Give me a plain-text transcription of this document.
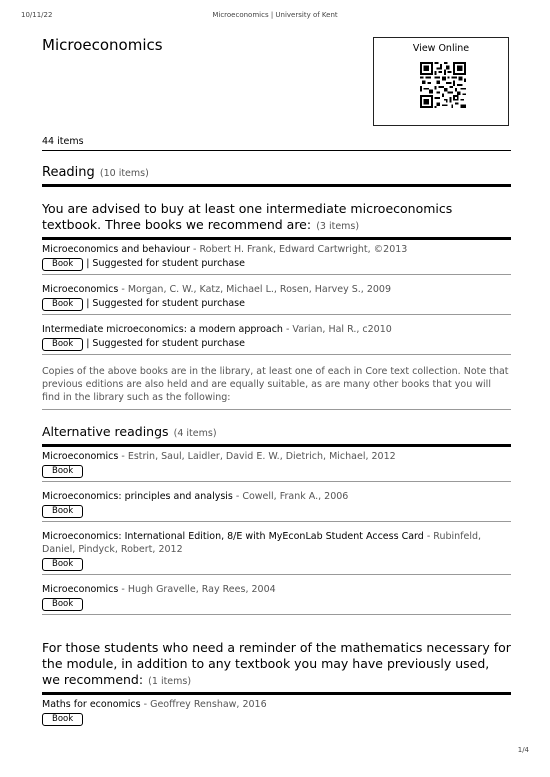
10/11/22	Microeconomics | University of Kent
Microeconomics	View Online
44 items
Reading (10 items)
You are advised to buy at least one intermediate microeconomics textbook. Three books we recommend are: (3 items)
Microeconomics and behaviour - Robert H. Frank, Edward Cartwright, ©2013
Book | Suggested for student purchase
Microeconomics - Morgan, C. W., Katz, Michael L., Rosen, Harvey S., 2009
Book | Suggested for student purchase
Intermediate microeconomics: a modern approach - Varian, Hal R., c2010
Book | Suggested for student purchase
Copies of the above books are in the library, at least one of each in Core text collection. Note that previous editions are also held and are equally suitable, as are many other books that you will find in the library such as the following:
Alternative readings (4 items)
Microeconomics - Estrin, Saul, Laidler, David E. W., Dietrich, Michael, 2012
Book
Microeconomics: principles and analysis - Cowell, Frank A., 2006
Book
Microeconomics: International Edition, 8/E with MyEconLab Student Access Card - Rubinfeld, Daniel, Pindyck, Robert, 2012
Book
Microeconomics - Hugh Gravelle, Ray Rees, 2004
Book
For those students who need a reminder of the mathematics necessary for the module, in addition to any textbook you may have previously used, we recommend: (1 items)
Maths for economics - Geoffrey Renshaw, 2016
Book
1/4
